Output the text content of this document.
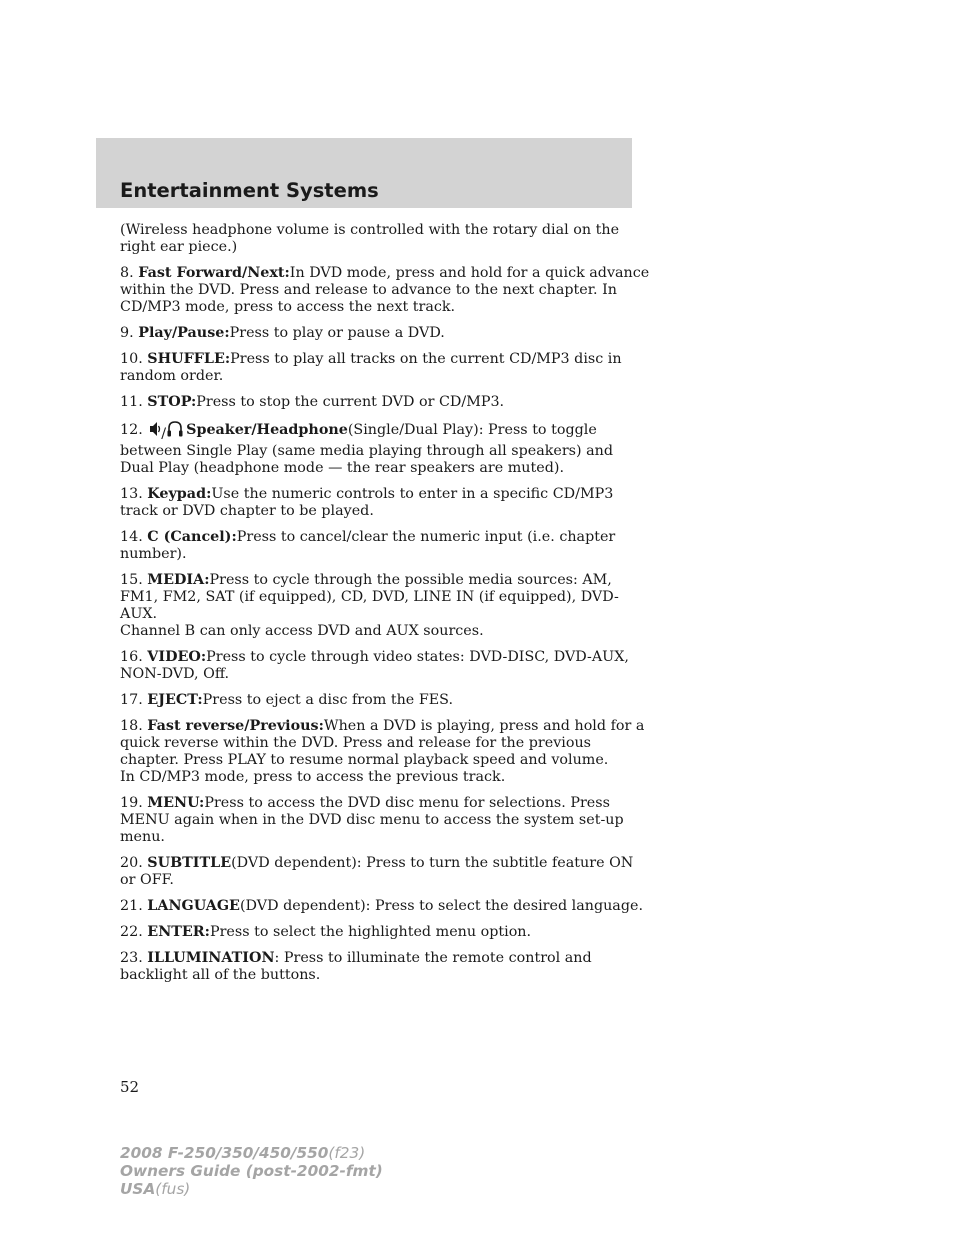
Entertainment Systems

(Wireless headphone volume is controlled with the rotary dial on the right ear piece.)

8. Fast Forward/Next:In DVD mode, press and hold for a quick advance within the DVD. Press and release to advance to the next chapter. In CD/MP3 mode, press to access the next track.

9. Play/Pause:Press to play or pause a DVD.

10. SHUFFLE:Press to play all tracks on the current CD/MP3 disc in random order.

11. STOP:Press to stop the current DVD or CD/MP3.

12. / Speaker/Headphone(Single/Dual Play): Press to toggle between Single Play (same media playing through all speakers) and Dual Play (headphone mode — the rear speakers are muted).

13. Keypad:Use the numeric controls to enter in a specific CD/MP3 track or DVD chapter to be played.

14. C (Cancel):Press to cancel/clear the numeric input (i.e. chapter number).

15. MEDIA:Press to cycle through the possible media sources: AM, FM1, FM2, SAT (if equipped), CD, DVD, LINE IN (if equipped), DVD-AUX.
Channel B can only access DVD and AUX sources.

16. VIDEO:Press to cycle through video states: DVD-DISC, DVD-AUX, NON-DVD, Off.

17. EJECT:Press to eject a disc from the FES.

18. Fast reverse/Previous:When a DVD is playing, press and hold for a quick reverse within the DVD. Press and release for the previous chapter. Press PLAY to resume normal playback speed and volume.
In CD/MP3 mode, press to access the previous track.

19. MENU:Press to access the DVD disc menu for selections. Press MENU again when in the DVD disc menu to access the system set-up menu.

20. SUBTITLE(DVD dependent): Press to turn the subtitle feature ON or OFF.

21. LANGUAGE(DVD dependent): Press to select the desired language.

22. ENTER:Press to select the highlighted menu option.

23. ILLUMINATION: Press to illuminate the remote control and backlight all of the buttons.

52
2008 F-250/350/450/550(f23)
Owners Guide (post-2002-fmt)
USA(fus)
